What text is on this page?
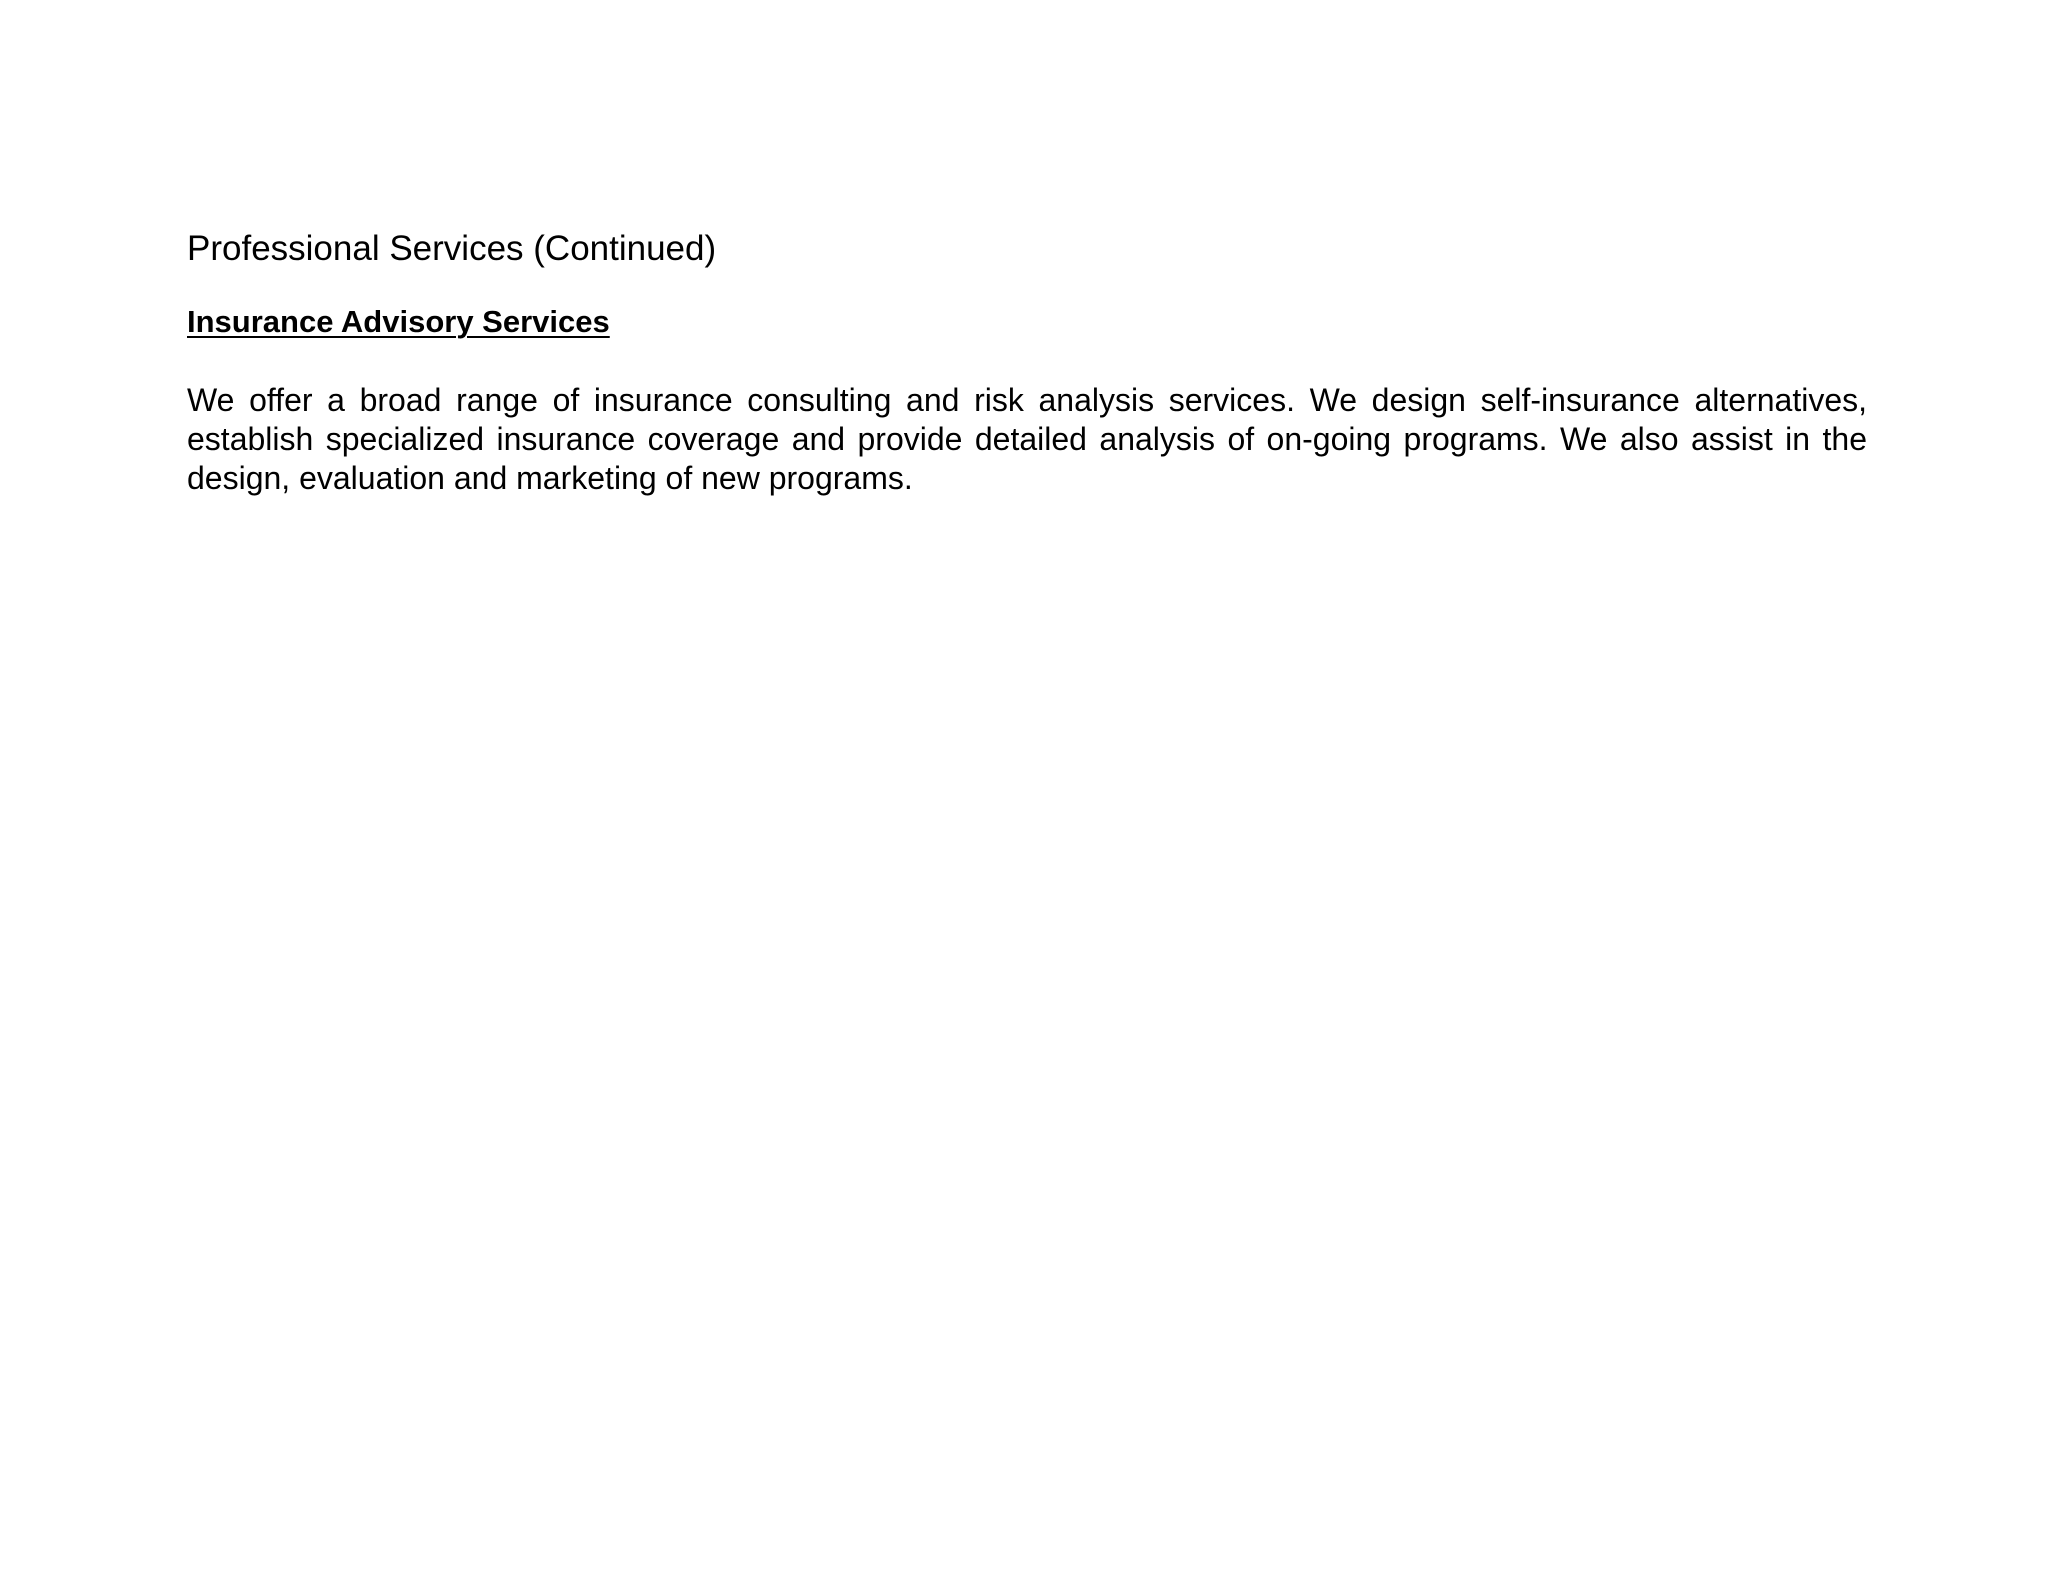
Professional Services (Continued)
Insurance Advisory Services

We offer a broad range of insurance consulting and risk analysis services. We design self-insurance alternatives, establish specialized insurance coverage and provide detailed analysis of on-going programs. We also assist in the design, evaluation and marketing of new programs.
